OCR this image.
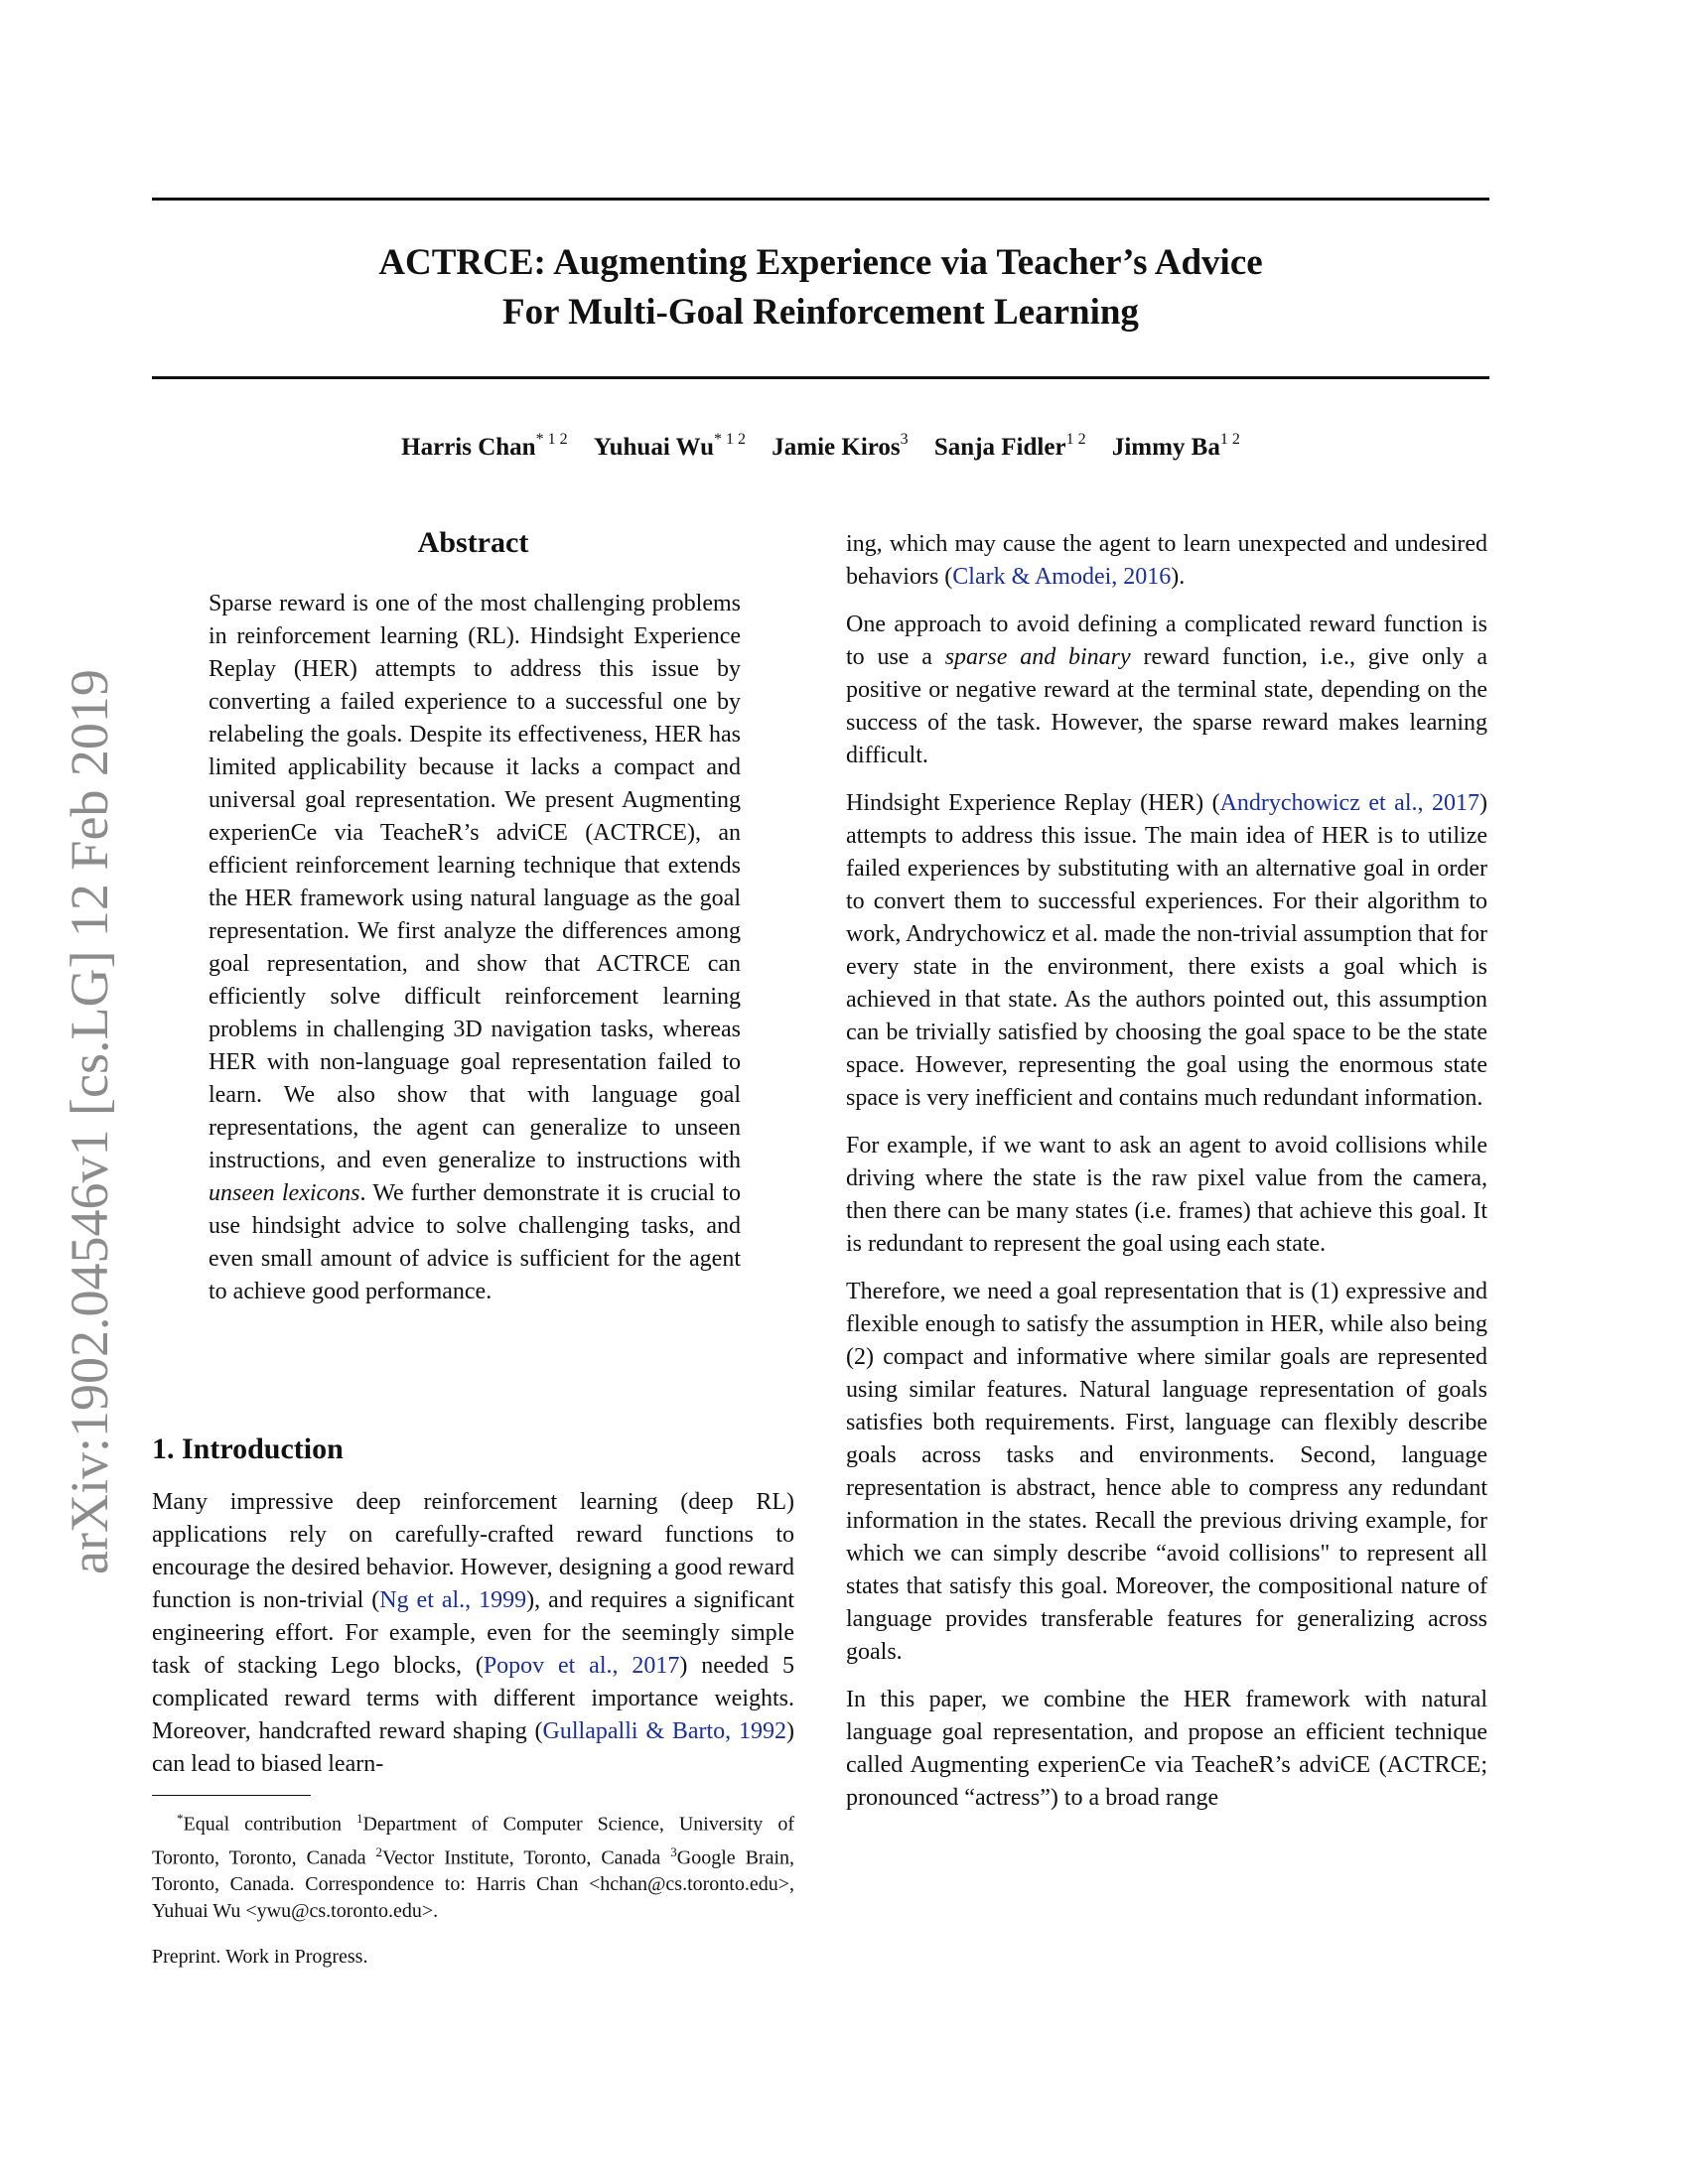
ACTRCE: Augmenting Experience via Teacher’s Advice
For Multi-Goal Reinforcement Learning
Harris Chan$^{* 1 2}$ Yuhuai $Wu^{* 1 2}$ Jamie Kiros$^3$ Sanja Fidler$^{1 2}$ Jimmy $Ba^{1 2}$
arXiv:1902.04546v1 [cs.LG] 12 Feb 2019
Abstract

Sparse reward is one of the most challenging problems in reinforcement learning (RL). Hindsight Experience Replay (HER) attempts to address this issue by converting a failed experience to a successful one by relabeling the goals. Despite its effectiveness, HER has limited applicability because it lacks a compact and universal goal representation. We present Augmenting experienCe via TeacheR’s adviCE (ACTRCE), an efficient reinforcement learning technique that extends the HER framework using natural language as the goal representation. We first analyze the differences among goal representation, and show that ACTRCE can efficiently solve difficult reinforcement learning problems in challenging 3D navigation tasks, whereas HER with non-language goal representation failed to learn. We also show that with language goal representations, the agent can generalize to unseen instructions, and even generalize to instructions with unseen lexicons. We further demonstrate it is crucial to use hindsight advice to solve challenging tasks, and even small amount of advice is sufficient for the agent to achieve good performance.

1. Introduction

Many impressive deep reinforcement learning (deep RL) applications rely on carefully-crafted reward functions to encourage the desired behavior. However, designing a good reward function is non-trivial (Ng et al., 1999), and requires a significant engineering effort. For example, even for the seemingly simple task of stacking Lego blocks, (Popov et al., 2017) needed 5 complicated reward terms with different importance weights. Moreover, handcrafted reward shaping (Gullapalli & Barto, 1992) can lead to biased learn-

*Equal contribution $^1$Department of Computer Science, University of Toronto, Toronto, Canada $^2$Vector Institute, Toronto, Canada $^3$Google Brain, Toronto, Canada. Correspondence to: Harris Chan <hchan@cs.toronto.edu>, Yuhuai Wu <ywu@cs.toronto.edu>.

Preprint. Work in Progress.

ing, which may cause the agent to learn unexpected and undesired behaviors (Clark & Amodei, 2016).

One approach to avoid defining a complicated reward function is to use a sparse and binary reward function, i.e., give only a positive or negative reward at the terminal state, depending on the success of the task. However, the sparse reward makes learning difficult.

Hindsight Experience Replay (HER) (Andrychowicz et al., 2017) attempts to address this issue. The main idea of HER is to utilize failed experiences by substituting with an alternative goal in order to convert them to successful experiences. For their algorithm to work, Andrychowicz et al. made the non-trivial assumption that for every state in the environment, there exists a goal which is achieved in that state. As the authors pointed out, this assumption can be trivially satisfied by choosing the goal space to be the state space. However, representing the goal using the enormous state space is very inefficient and contains much redundant information.

For example, if we want to ask an agent to avoid collisions while driving where the state is the raw pixel value from the camera, then there can be many states (i.e. frames) that achieve this goal. It is redundant to represent the goal using each state.

Therefore, we need a goal representation that is (1) expressive and flexible enough to satisfy the assumption in HER, while also being (2) compact and informative where similar goals are represented using similar features. Natural language representation of goals satisfies both requirements. First, language can flexibly describe goals across tasks and environments. Second, language representation is abstract, hence able to compress any redundant information in the states. Recall the previous driving example, for which we can simply describe “avoid collisions" to represent all states that satisfy this goal. Moreover, the compositional nature of language provides transferable features for generalizing across goals.

In this paper, we combine the HER framework with natural language goal representation, and propose an efficient technique called Augmenting experienCe via TeacheR’s adviCE (ACTRCE; pronounced “actress”) to a broad range
